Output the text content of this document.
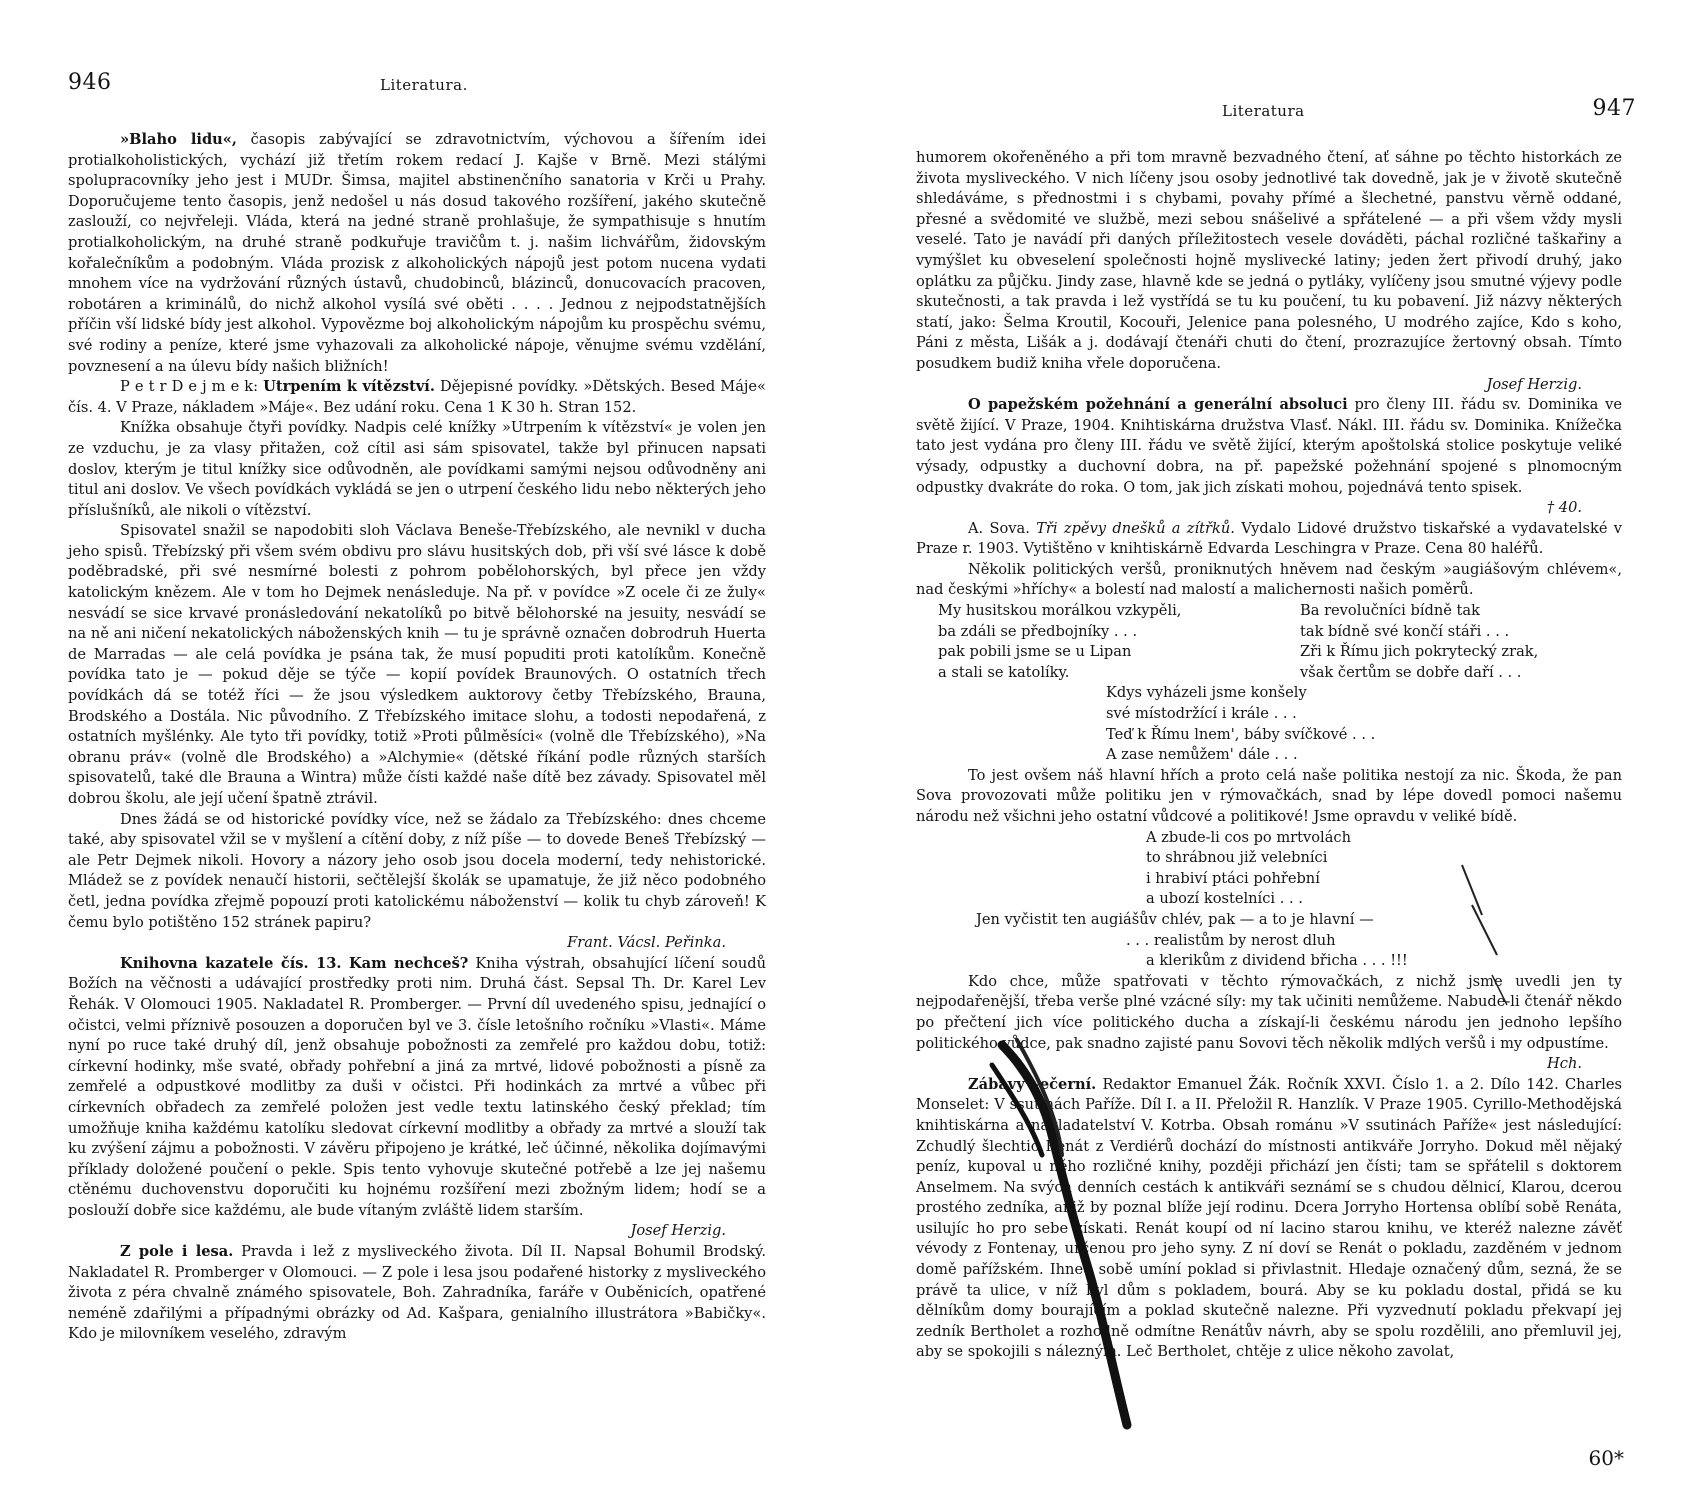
946	Literatura.

»Blaho lidu«, časopis zabývající se zdravotnictvím, výchovou a šířením idei protialkoholistických, vychází již třetím rokem redací J. Kajše v Brně. Mezi stálými spolupracovníky jeho jest i MUDr. Šimsa, majitel abstinenčního sanatoria v Krči u Prahy. Doporučujeme tento časopis, jenž nedošel u nás dosud takového rozšíření, jakého skutečně zaslouží, co nejvřeleji. Vláda, která na jedné straně prohlašuje, že sympathisuje s hnutím protialkoholickým, na druhé straně podkuřuje travičům t. j. našim lichvářům, židovským kořalečníkům a podobným. Vláda prozisk z alkoholických nápojů jest potom nucena vydati mnohem více na vydržování různých ústavů, chudobinců, blázinců, donucovacích pracoven, robotáren a kriminálů, do nichž alkohol vysílá své oběti . . . . Jednou z nejpodstatnějších příčin vší lidské bídy jest alkohol. Vypovězme boj alkoholickým nápojům ku prospěchu svému, své rodiny a peníze, které jsme vyhazovali za alkoholické nápoje, věnujme svému vzdělání, povznesení a na úlevu bídy našich bližních!

P e t r D e j m e k: Utrpením k vítězství. Dějepisné povídky. »Dětských. Besed Máje« čís. 4. V Praze, nákladem »Máje«. Bez udání roku. Cena 1 K 30 h. Stran 152.

Knížka obsahuje čtyři povídky. Nadpis celé knížky »Utrpením k vítězství« je volen jen ze vzduchu, je za vlasy přitažen, což cítil asi sám spisovatel, takže byl přinucen napsati doslov, kterým je titul knížky sice odůvodněn, ale povídkami samými nejsou odůvodněny ani titul ani doslov. Ve všech povídkách vykládá se jen o utrpení českého lidu nebo některých jeho příslušníků, ale nikoli o vítězství.

Spisovatel snažil se napodobiti sloh Václava Beneše-Třebízského, ale nevnikl v ducha jeho spisů. Třebízský při všem svém obdivu pro slávu husitských dob, při vší své lásce k době poděbradské, při své nesmírné bolesti z pohrom pobělohorských, byl přece jen vždy katolickým knězem. Ale v tom ho Dejmek nenásleduje. Na př. v povídce »Z ocele či ze žuly« nesvádí se sice krvavé pronásledování nekatolíků po bitvě bělohorské na jesuity, nesvádí se na ně ani ničení nekatolických náboženských knih — tu je správně označen dobrodruh Huerta de Marradas — ale celá povídka je psána tak, že musí popuditi proti katolíkům. Konečně povídka tato je — pokud děje se týče — kopií povídek Braunových. O ostatních třech povídkách dá se totéž říci — že jsou výsledkem auktorovy četby Třebízského, Brauna, Brodského a Dostála. Nic původního. Z Třebízského imitace slohu, a todosti nepodařená, z ostatních myšlénky. Ale tyto tři povídky, totiž »Proti půlměsíci« (volně dle Třebízského), »Na obranu práv« (volně dle Brodského) a »Alchymie« (dětské říkání podle různých starších spisovatelů, také dle Brauna a Wintra) může čísti každé naše dítě bez závady. Spisovatel měl dobrou školu, ale její učení špatně ztrávil.

Dnes žádá se od historické povídky více, než se žádalo za Třebízského: dnes chceme také, aby spisovatel vžil se v myšlení a cítění doby, z níž píše — to dovede Beneš Třebízský — ale Petr Dejmek nikoli. Hovory a názory jeho osob jsou docela moderní, tedy nehistorické. Mládež se z povídek nenaučí historii, sečtělejší školák se upamatuje, že již něco podobného četl, jedna povídka zřejmě popouzí proti katolickému náboženství — kolik tu chyb zároveň! K čemu bylo potištěno 152 stránek papiru?
Frant. Vácsl. Peřinka.

Knihovna kazatele čís. 13. Kam nechceš? Kniha výstrah, obsahující líčení soudů Božích na věčnosti a udávající prostředky proti nim. Druhá část. Sepsal Th. Dr. Karel Lev Řehák. V Olomouci 1905. Nakladatel R. Promberger. — První díl uvedeného spisu, jednající o očistci, velmi příznivě posouzen a doporučen byl ve 3. čísle letošního ročníku »Vlasti«. Máme nyní po ruce také druhý díl, jenž obsahuje pobožnosti za zemřelé pro každou dobu, totiž: církevní hodinky, mše svaté, obřady pohřební a jiná za mrtvé, lidové pobožnosti a písně za zemřelé a odpustkové modlitby za duši v očistci. Při hodinkách za mrtvé a vůbec při církevních obřadech za zemřelé položen jest vedle textu latinského český překlad; tím umožňuje kniha každému katolíku sledovat církevní modlitby a obřady za mrtvé a slouží tak ku zvýšení zájmu a pobožnosti. V závěru připojeno je krátké, leč účinné, několika dojímavými příklady doložené poučení o pekle. Spis tento vyhovuje skutečné potřebě a lze jej našemu ctěnému duchovenstvu doporučiti ku hojnému rozšíření mezi zbožným lidem; hodí se a poslouží dobře sice každému, ale bude vítaným zvláště lidem starším.
Josef Herzig.

Z pole i lesa. Pravda i lež z mysliveckého života. Díl II. Napsal Bohumil Brodský. Nakladatel R. Promberger v Olomouci. — Z pole i lesa jsou podařené historky z mysliveckého života z péra chvalně známého spisovatele, Boh. Zahradníka, faráře v Ouběnicích, opatřené neméně zdařilými a případnými obrázky od Ad. Kašpara, genialního illustrátora »Babičky«. Kdo je milovníkem veselého, zdravým

Literatura	947

humorem okořeněného a při tom mravně bezvadného čtení, ať sáhne po těchto historkách ze života mysliveckého. V nich líčeny jsou osoby jednotlivé tak dovedně, jak je v životě skutečně shledáváme, s přednostmi i s chybami, povahy přímé a šlechetné, panstvu věrně oddané, přesné a svědomité ve službě, mezi sebou snášelivé a spřátelené — a při všem vždy mysli veselé. Tato je navádí při daných příležitostech vesele dováděti, páchal rozličné taškařiny a vymýšlet ku obveselení společnosti hojně myslivecké latiny; jeden žert přivodí druhý, jako oplátku za půjčku. Jindy zase, hlavně kde se jedná o pytláky, vylíčeny jsou smutné výjevy podle skutečnosti, a tak pravda i lež vystřídá se tu ku poučení, tu ku pobavení. Již názvy některých statí, jako: Šelma Kroutil, Kocouři, Jelenice pana polesného, U modrého zajíce, Kdo s koho, Páni z města, Lišák a j. dodávají čtenáři chuti do čtení, prozrazujíce žertovný obsah. Tímto posudkem budiž kniha vřele doporučena.
Josef Herzig.

O papežském požehnání a generální absoluci pro členy III. řádu sv. Dominika ve světě žijící. V Praze, 1904. Knihtiskárna družstva Vlasť. Nákl. III. řádu sv. Dominika. Knížečka tato jest vydána pro členy III. řádu ve světě žijící, kterým apoštolská stolice poskytuje veliké výsady, odpustky a duchovní dobra, na př. papežské požehnání spojené s plnomocným odpustky dvakráte do roka. O tom, jak jich získati mohou, pojednává tento spisek.
† 40.

A. Sova. Tři zpěvy dnešků a zítřků. Vydalo Lidové družstvo tiskařské a vydavatelské v Praze r. 1903. Vytištěno v knihtiskárně Edvarda Leschingra v Praze. Cena 80 haléřů.

Několik politických veršů, proniknutých hněvem nad českým »augiášovým chlévem«, nad českými »hříchy« a bolestí nad malostí a malichernosti našich poměrů.

My husitskou morálkou vzkypěli,
ba zdáli se předbojníky . . .
pak pobili jsme se u Lipan
a stali se katolíky.
Ba revolučníci bídně tak
tak bídně své končí stáři . . .
Zři k Římu jich pokrytecký zrak,
však čertům se dobře daří . . .
Kdys vyházeli jsme konšely
své místodržící i krále . . .
Teď k Římu lnem', báby svíčkové . . .
A zase nemůžem' dále . . .

To jest ovšem náš hlavní hřích a proto celá naše politika nestojí za nic. Škoda, že pan Sova provozovati může politiku jen v rýmovačkách, snad by lépe dovedl pomoci našemu národu než všichni jeho ostatní vůdcové a politikové! Jsme opravdu v veliké bídě.

A zbude-li cos po mrtvolách
to shrábnou již velebníci
i hrabiví ptáci pohřební
a ubozí kostelníci . . .
Jen vyčistit ten augiášův chlév, pak — a to je hlavní —
. . . realistům by nerost dluh
a klerikům z dividend břicha . . . !!!

Kdo chce, může spatřovati v těchto rýmovačkách, z nichž jsme uvedli jen ty nejpodařenější, třeba verše plné vzácné síly: my tak učiniti nemůžeme. Nabude-li čtenář někdo po přečtení jich více politického ducha a získají-li českému národu jen jednoho lepšího politického vůdce, pak snadno zajisté panu Sovovi těch několik mdlých veršů i my odpustíme.
Hch.

Zábavy večerní. Redaktor Emanuel Žák. Ročník XXVI. Číslo 1. a 2. Dílo 142. Charles Monselet: V ssutinách Paříže. Díl I. a II. Přeložil R. Hanzlík. V Praze 1905. Cyrillo-Methodějská knihtiskárna a nakladatelství V. Kotrba. Obsah románu »V ssutinách Paříže« jest následující: Zchudlý šlechtic Renát z Verdiérů dochází do místnosti antikváře Jorryho. Dokud měl nějaký peníz, kupoval u něho rozličné knihy, později přichází jen čísti; tam se spřátelil s doktorem Anselmem. Na svých denních cestách k antikváři seznámí se s chudou dělnicí, Klarou, dcerou prostého zedníka, aniž by poznal blíže její rodinu. Dcera Jorryho Hortensa oblíbí sobě Renáta, usilujíc ho pro sebe získati. Renát koupí od ní lacino starou knihu, ve kteréž nalezne závěť vévody z Fontenay, určenou pro jeho syny. Z ní doví se Renát o pokladu, zazděném v jednom domě pařížském. Ihned sobě umíní poklad si přivlastnit. Hledaje označený dům, sezná, že se právě ta ulice, v níž byl dům s pokladem, bourá. Aby se ku pokladu dostal, přidá se ku dělníkům domy bourajícím a poklad skutečně nalezne. Při vyzvednutí pokladu překvapí jej zedník Bertholet a rozhodně odmítne Renátův návrh, aby se spolu rozdělili, ano přemluvil jej, aby se spokojili s nálezným. Leč Bertholet, chtěje z ulice někoho zavolat,

60*
